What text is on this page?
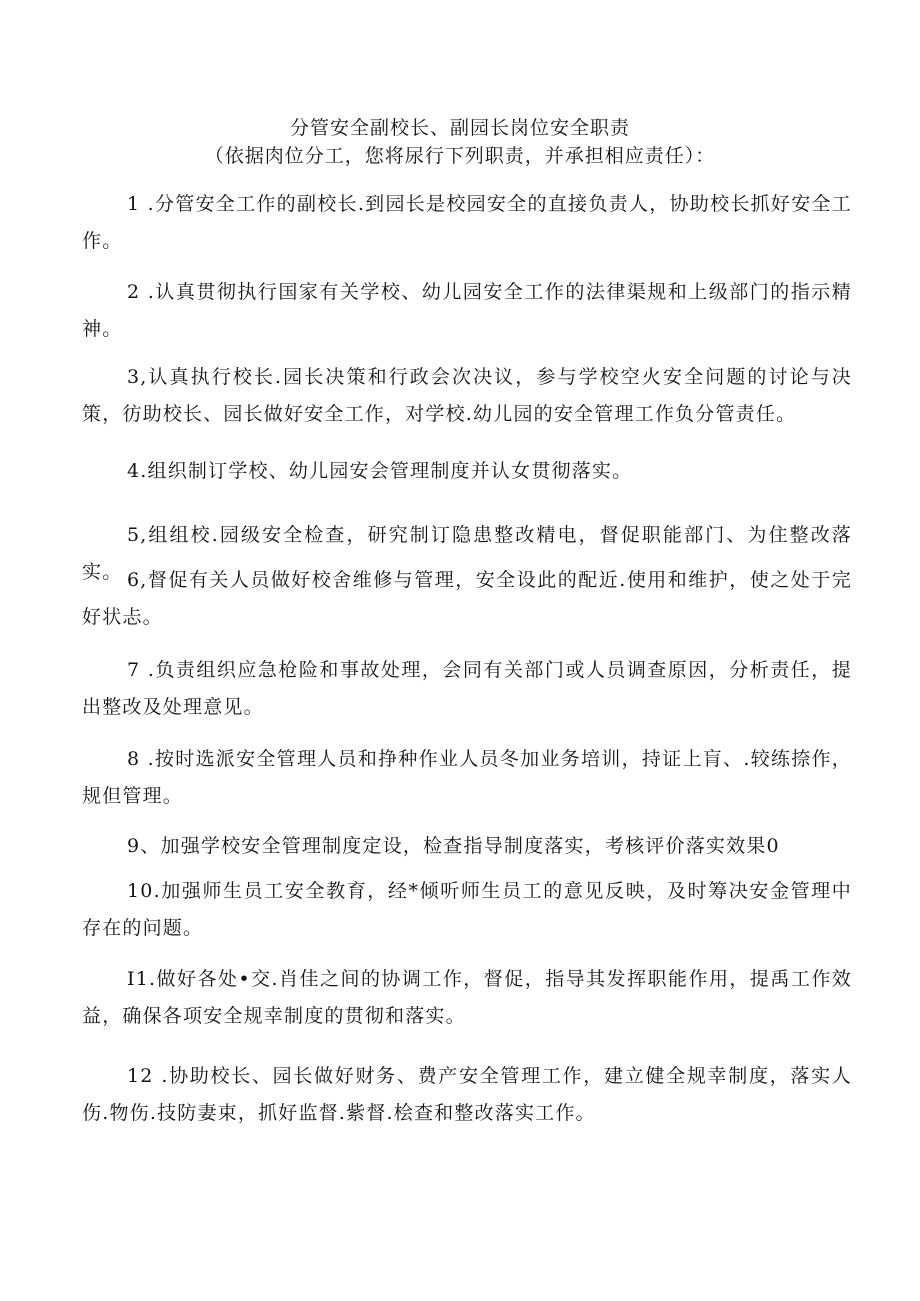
分管安全副校长、副园长岗位安全职责
（依据肉位分工，您将尿行下列职责，并承担相应责任）：

1 .分管安全工作的副校长.到园长是校园安全的直接负责人，协助校长抓好安全工作。

2 .认真贯彻执行国家有关学校、幼儿园安全工作的法律渠规和上级部门的指示精神。

3,认真执行校长.园长决策和行政会次决议，参与学校空火安全问题的讨论与决策，彷助校长、园长做好安全工作，对学校.幼儿园的安全管理工作负分管责任。

4.组织制订学校、幼儿园安会管理制度并认女贯彻落实。

5,组组校.园级安全检查，研究制订隐患整改精电，督促职能部门、为住整改落实。 6,督促有关人员做好校舍维修与管理，安全设此的配近.使用和维护，使之处于完好状忐。

7 .负责组织应急枪险和事故处理，会同有关部门或人员调查原因，分析责任，提出整改及处理意见。

8 .按时选派安全管理人员和挣种作业人员冬加业务培训，持证上肓、.较练捺作，规但管理。

9、加强学校安全管理制度定设，检查指导制度落实，考核评价落实效果0

10.加强师生员工安全教育，经*倾听师生员工的意见反映，及时筹决安金管理中存在的问题。

I1.做好各处•交.肖佳之间的协调工作，督促，指导其发挥职能作用，提禹工作效益，确保各项安全规幸制度的贯彻和落实。

12 .协助校长、园长做好财务、费产安全管理工作，建立健全规幸制度，落实人伤.物伤.技防妻束，抓好监督.紫督.桧查和整改落实工作。
